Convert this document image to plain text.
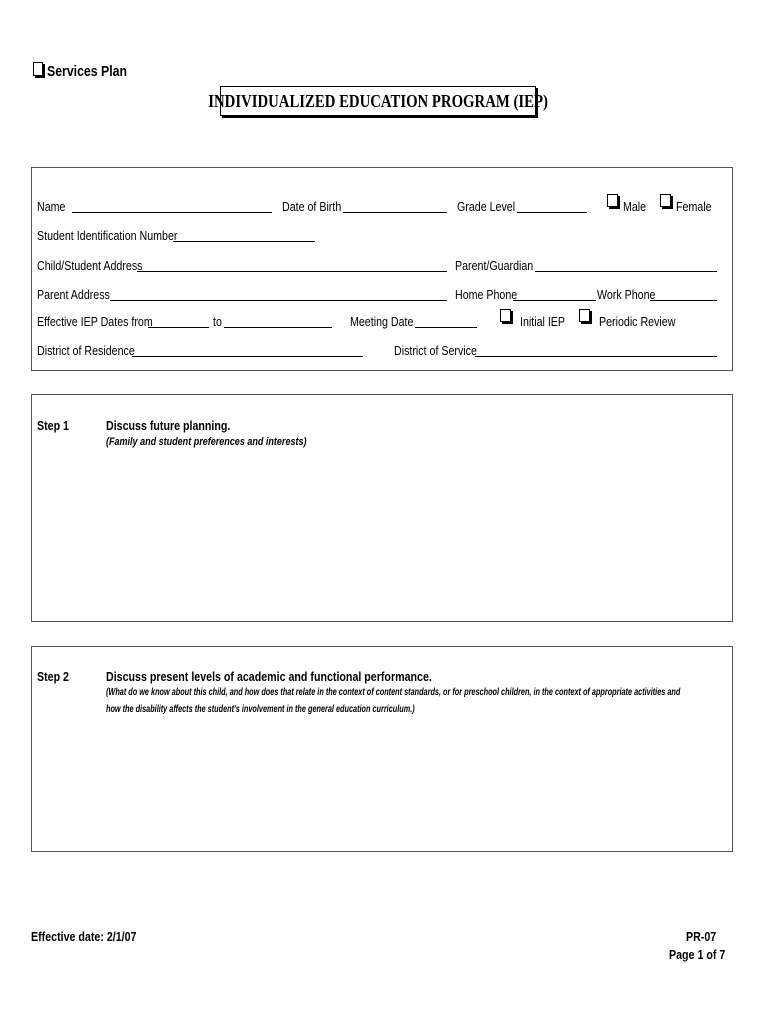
Services Plan
INDIVIDUALIZED EDUCATION PROGRAM (IEP)
Name	Date of Birth	Grade Level	Male	Female
Student Identification Number
Child/Student Address	Parent/Guardian
Parent Address	Home Phone	Work Phone
Effective IEP Dates from	to	Meeting Date	Initial IEP	Periodic Review
District of Residence	District of Service
Step 1	Discuss future planning.
(Family and student preferences and interests)
Step 2	Discuss present levels of academic and functional performance.
(What do we know about this child, and how does that relate in the context of content standards, or for preschool children, in the context of appropriate activities and
how the disability affects the student's involvement in the general education curriculum.)
Effective date: 2/1/07	PR-07
Page 1 of 7
